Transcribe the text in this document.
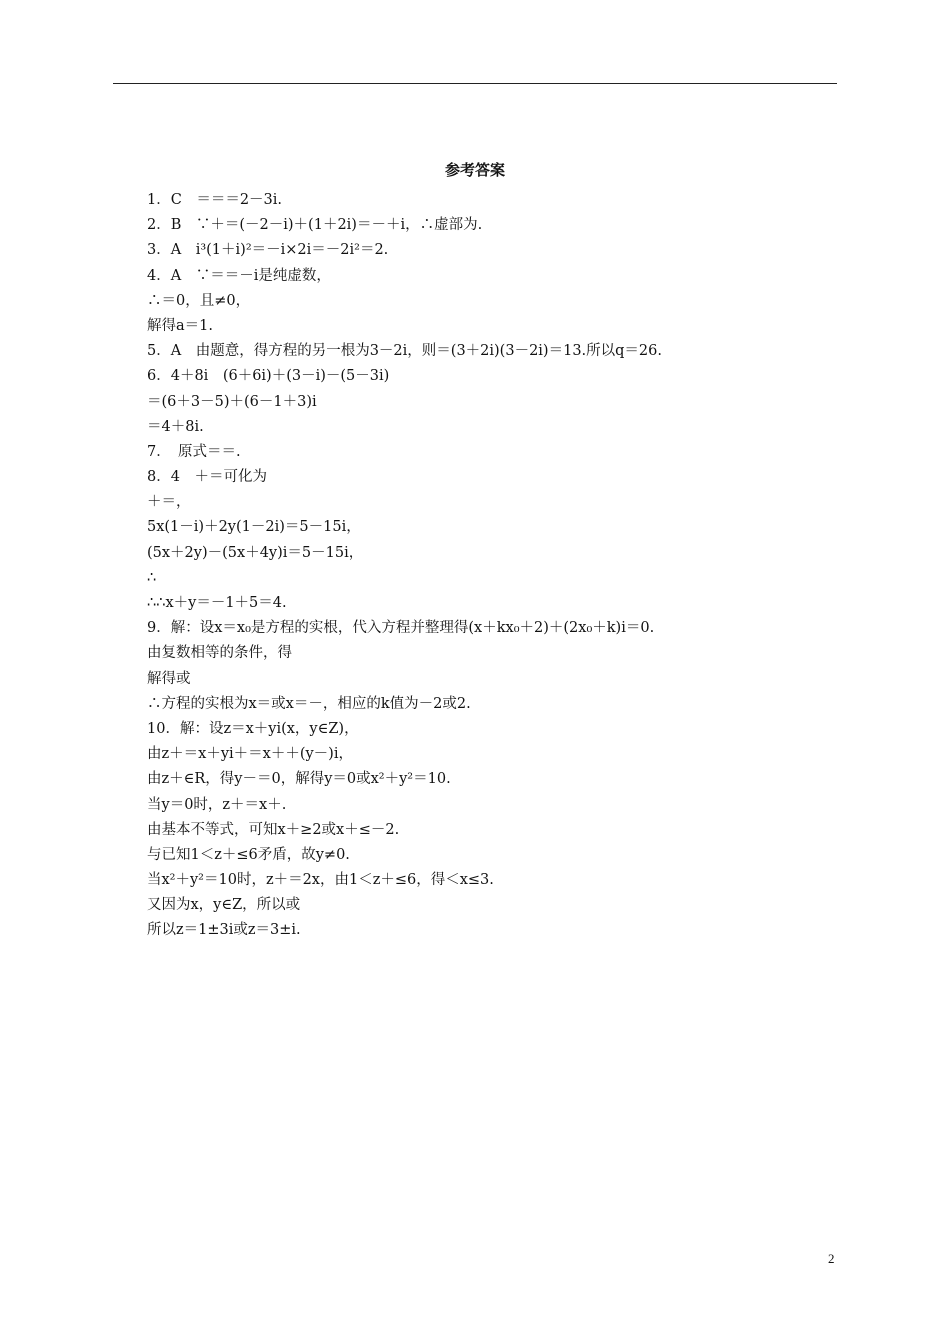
参考答案
1．C　＝＝＝2－3i.
2．B　∵＋＝(－2－i)＋(1＋2i)＝－＋i，∴虚部为.
3．A　i³(1＋i)²＝－i×2i＝－2i²＝2.
4．A　∵＝＝－i是纯虚数，
∴＝0，且≠0，
解得a＝1.
5．A　由题意，得方程的另一根为3－2i，则＝(3＋2i)(3－2i)＝13.所以q＝26.
6．4＋8i　(6＋6i)＋(3－i)－(5－3i)
＝(6＋3－5)＋(6－1＋3)i
＝4＋8i.
7．　原式＝＝.
8．4　＋＝可化为
＋＝，
5x(1－i)＋2y(1－2i)＝5－15i，
(5x＋2y)－(5x＋4y)i＝5－15i，
∴
∴∴x＋y＝－1＋5＝4.
9．解：设x＝x₀是方程的实根，代入方程并整理得(x＋kx₀＋2)＋(2x₀＋k)i＝0.
由复数相等的条件，得
解得或
∴方程的实根为x＝或x＝－，相应的k值为－2或2.
10．解：设z＝x＋yi(x，y∈Z)，
由z＋＝x＋yi＋＝x＋＋(y－)i，
由z＋∈R，得y－＝0，解得y＝0或x²＋y²＝10.
当y＝0时，z＋＝x＋.
由基本不等式，可知x＋≥2或x＋≤－2.
与已知1＜z＋≤6矛盾，故y≠0.
当x²＋y²＝10时，z＋＝2x，由1＜z＋≤6，得＜x≤3.
又因为x，y∈Z，所以或
所以z＝1±3i或z＝3±i.
2
